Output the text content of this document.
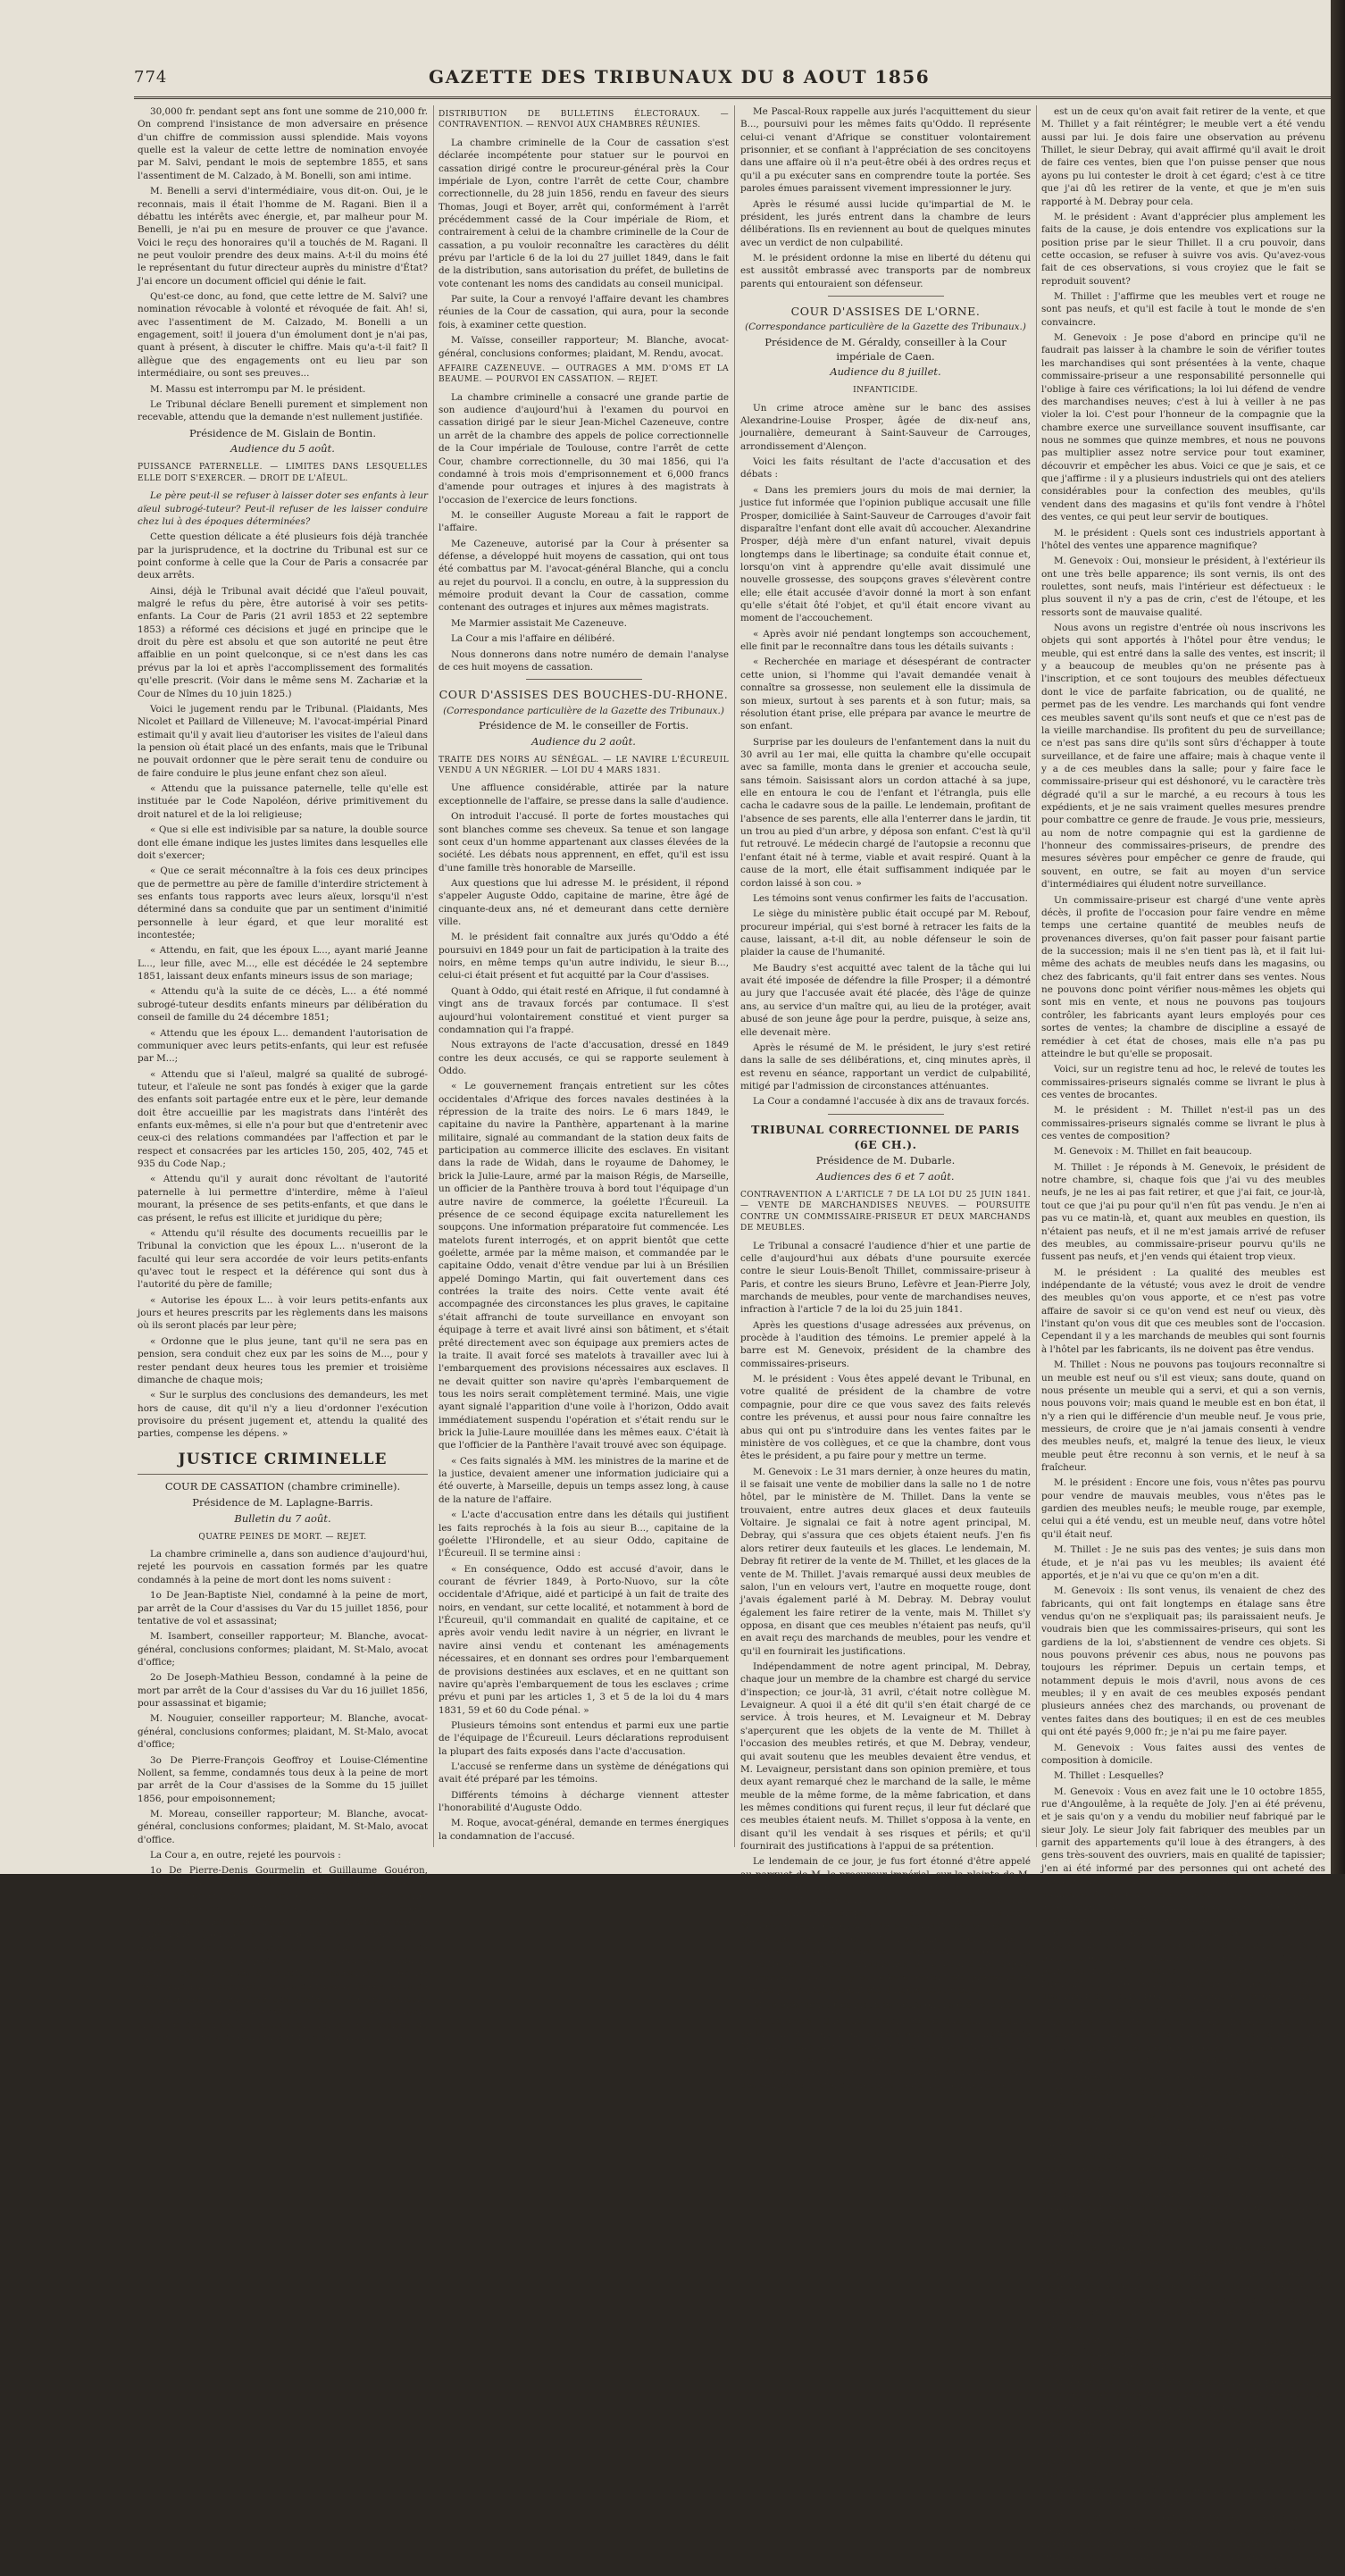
774	GAZETTE DES TRIBUNAUX DU 8 AOUT 1856

30,000 fr. pendant sept ans font une somme de 210,000 fr. On comprend l'insistance de mon adversaire en présence d'un chiffre de commission aussi splendide. Mais voyons quelle est la valeur de cette lettre de nomination envoyée par M. Salvi, pendant le mois de septembre 1855, et sans l'assentiment de M. Calzado, à M. Bonelli, son ami intime.

M. Benelli a servi d'intermédiaire, vous dit-on. Oui, je le reconnais, mais il était l'homme de M. Ragani. Bien il a débattu les intérêts avec énergie, et, par malheur pour M. Benelli, je n'ai pu en mesure de prouver ce que j'avance. Voici le reçu des honoraires qu'il a touchés de M. Ragani. Il ne peut vouloir prendre des deux mains. A-t-il du moins été le représentant du futur directeur auprès du ministre d'État? J'ai encore un document officiel qui dénie le fait.

Qu'est-ce donc, au fond, que cette lettre de M. Salvi? une nomination révocable à volonté et révoquée de fait. Ah! si, avec l'assentiment de M. Calzado, M. Bonelli a un engagement, soit! il jouera d'un émolument dont je n'ai pas, quant à présent, à discuter le chiffre. Mais qu'a-t-il fait? Il allègue que des engagements ont eu lieu par son intermédiaire, ou sont ses preuves...

M. Massu est interrompu par M. le président.

Le Tribunal déclare Benelli purement et simplement non recevable, attendu que la demande n'est nullement justifiée.

Présidence de M. Gislain de Bontin.
Audience du 5 août.

PUISSANCE PATERNELLE. — LIMITES DANS LESQUELLES ELLE DOIT S'EXERCER. — DROIT DE L'AÏEUL.

Le père peut-il se refuser à laisser doter ses enfants à leur aïeul subrogé-tuteur? Peut-il refuser de les laisser conduire chez lui à des époques déterminées?

Cette question délicate a été plusieurs fois déjà tranchée par la jurisprudence, et la doctrine du Tribunal est sur ce point conforme à celle que la Cour de Paris a consacrée par deux arrêts.

Ainsi, déjà le Tribunal avait décidé que l'aïeul pouvait, malgré le refus du père, être autorisé à voir ses petits-enfants. La Cour de Paris (21 avril 1853 et 22 septembre 1853) a réformé ces décisions et jugé en principe que le droit du père est absolu et que son autorité ne peut être affaiblie en un point quelconque, si ce n'est dans les cas prévus par la loi et après l'accomplissement des formalités qu'elle prescrit. (Voir dans le même sens M. Zachariæ et la Cour de Nîmes du 10 juin 1825.)

Voici le jugement rendu par le Tribunal. (Plaidants, Mes Nicolet et Paillard de Villeneuve; M. l'avocat-impérial Pinard estimait qu'il y avait lieu d'autoriser les visites de l'aïeul dans la pension où était placé un des enfants, mais que le Tribunal ne pouvait ordonner que le père serait tenu de conduire ou de faire conduire le plus jeune enfant chez son aïeul.

« Attendu que la puissance paternelle, telle qu'elle est instituée par le Code Napoléon, dérive primitivement du droit naturel et de la loi religieuse;

« Que si elle est indivisible par sa nature, la double source dont elle émane indique les justes limites dans lesquelles elle doit s'exercer;

« Que ce serait méconnaître à la fois ces deux principes que de permettre au père de famille d'interdire strictement à ses enfants tous rapports avec leurs aïeux, lorsqu'il n'est déterminé dans sa conduite que par un sentiment d'inimitié personnelle à leur égard, et que leur moralité est incontestée;

« Attendu, en fait, que les époux L..., ayant marié Jeanne L..., leur fille, avec M..., elle est décédée le 24 septembre 1851, laissant deux enfants mineurs issus de son mariage;

« Attendu qu'à la suite de ce décès, L... a été nommé subrogé-tuteur desdits enfants mineurs par délibération du conseil de famille du 24 décembre 1851;

« Attendu que les époux L... demandent l'autorisation de communiquer avec leurs petits-enfants, qui leur est refusée par M...;

« Attendu que si l'aïeul, malgré sa qualité de subrogé-tuteur, et l'aïeule ne sont pas fondés à exiger que la garde des enfants soit partagée entre eux et le père, leur demande doit être accueillie par les magistrats dans l'intérêt des enfants eux-mêmes, si elle n'a pour but que d'entretenir avec ceux-ci des relations commandées par l'affection et par le respect et consacrées par les articles 150, 205, 402, 745 et 935 du Code Nap.;

« Attendu qu'il y aurait donc révoltant de l'autorité paternelle à lui permettre d'interdire, même à l'aïeul mourant, la présence de ses petits-enfants, et que dans le cas présent, le refus est illicite et juridique du père;

« Attendu qu'il résulte des documents recueillis par le Tribunal la conviction que les époux L... n'useront de la faculté qui leur sera accordée de voir leurs petits-enfants qu'avec tout le respect et la déférence qui sont dus à l'autorité du père de famille;

« Autorise les époux L... à voir leurs petits-enfants aux jours et heures prescrits par les règlements dans les maisons où ils seront placés par leur père;

« Ordonne que le plus jeune, tant qu'il ne sera pas en pension, sera conduit chez eux par les soins de M..., pour y rester pendant deux heures tous les premier et troisième dimanche de chaque mois;

« Sur le surplus des conclusions des demandeurs, les met hors de cause, dit qu'il n'y a lieu d'ordonner l'exécution provisoire du présent jugement et, attendu la qualité des parties, compense les dépens. »

JUSTICE CRIMINELLE
COUR DE CASSATION (chambre criminelle).
Présidence de M. Laplagne-Barris.
Bulletin du 7 août.

QUATRE PEINES DE MORT. — REJET.

La chambre criminelle a, dans son audience d'aujourd'hui, rejeté les pourvois en cassation formés par les quatre condamnés à la peine de mort dont les noms suivent :

1o De Jean-Baptiste Niel, condamné à la peine de mort, par arrêt de la Cour d'assises du Var du 15 juillet 1856, pour tentative de vol et assassinat;

M. Isambert, conseiller rapporteur; M. Blanche, avocat-général, conclusions conformes; plaidant, M. St-Malo, avocat d'office;

2o De Joseph-Mathieu Besson, condamné à la peine de mort par arrêt de la Cour d'assises du Var du 16 juillet 1856, pour assassinat et bigamie;

M. Nouguier, conseiller rapporteur; M. Blanche, avocat-général, conclusions conformes; plaidant, M. St-Malo, avocat d'office;

3o De Pierre-François Geoffroy et Louise-Clémentine Nollent, sa femme, condamnés tous deux à la peine de mort par arrêt de la Cour d'assises de la Somme du 15 juillet 1856, pour empoisonnement;

M. Moreau, conseiller rapporteur; M. Blanche, avocat-général, conclusions conformes; plaidant, M. St-Malo, avocat d'office.

La Cour a, en outre, rejeté les pourvois :

1o De Pierre-Denis Gourmelin et Guillaume Gouéron, condamnés par la Cour d'assises du Finistère, aux travaux forcés à perpétuité, pour vol qualifié; — 2o De Marie-Catherine-Jeanne Jauffret (Vaucluse), travaux forcés, trahison de billets de banque; — 3o De Amable-Théophile Dubourgnet (Somme), six ans de réclusion, attentat à la pudeur; — 4o De François Guillard (Var), six ans de réclusion, attentat à la pudeur; — 5o De François Chabrier (Seine), travaux forcés à perpétuité, assassinat; — 6o De Ferdinand Pain (Somme), dix ans de travaux forcés, abus de confiance par un employé des postes; — 7o De François-Eyssel Hamon, contre un arrêt de la Cour impériale de Lyon, chambre des mises en accusation, renvoi aux assises du Rhône, pour abus de confiance et faux en écriture privée.

DISTRIBUTION DE BULLETINS ÉLECTORAUX. — CONTRAVENTION. — RENVOI AUX CHAMBRES RÉUNIES.

La chambre criminelle de la Cour de cassation s'est déclarée incompétente pour statuer sur le pourvoi en cassation dirigé contre le procureur-général près la Cour impériale de Lyon, contre l'arrêt de cette Cour, chambre correctionnelle, du 28 juin 1856, rendu en faveur des sieurs Thomas, Jougi et Boyer, arrêt qui, conformément à l'arrêt précédemment cassé de la Cour impériale de Riom, et contrairement à celui de la chambre criminelle de la Cour de cassation, a pu vouloir reconnaître les caractères du délit prévu par l'article 6 de la loi du 27 juillet 1849, dans le fait de la distribution, sans autorisation du préfet, de bulletins de vote contenant les noms des candidats au conseil municipal.

Par suite, la Cour a renvoyé l'affaire devant les chambres réunies de la Cour de cassation, qui aura, pour la seconde fois, à examiner cette question.

M. Vaïsse, conseiller rapporteur; M. Blanche, avocat-général, conclusions conformes; plaidant, M. Rendu, avocat.

AFFAIRE CAZENEUVE. — OUTRAGES A MM. D'OMS ET LA BEAUME. — POURVOI EN CASSATION. — REJET.

La chambre criminelle a consacré une grande partie de son audience d'aujourd'hui à l'examen du pourvoi en cassation dirigé par le sieur Jean-Michel Cazeneuve, contre un arrêt de la chambre des appels de police correctionnelle de la Cour impériale de Toulouse, contre l'arrêt de cette Cour, chambre correctionnelle, du 30 mai 1856, qui l'a condamné à trois mois d'emprisonnement et 6,000 francs d'amende pour outrages et injures à des magistrats à l'occasion de l'exercice de leurs fonctions.

M. le conseiller Auguste Moreau a fait le rapport de l'affaire.

Me Cazeneuve, autorisé par la Cour à présenter sa défense, a développé huit moyens de cassation, qui ont tous été combattus par M. l'avocat-général Blanche, qui a conclu au rejet du pourvoi. Il a conclu, en outre, à la suppression du mémoire produit devant la Cour de cassation, comme contenant des outrages et injures aux mêmes magistrats.

Me Marmier assistait Me Cazeneuve.

La Cour a mis l'affaire en délibéré.

Nous donnerons dans notre numéro de demain l'analyse de ces huit moyens de cassation.

COUR D'ASSISES DES BOUCHES-DU-RHONE.
(Correspondance particulière de la Gazette des Tribunaux.)
Présidence de M. le conseiller de Fortis.
Audience du 2 août.

TRAITE DES NOIRS AU SÉNÉGAL. — LE NAVIRE L'ÉCUREUIL VENDU A UN NÉGRIER. — LOI DU 4 MARS 1831.

Une affluence considérable, attirée par la nature exceptionnelle de l'affaire, se presse dans la salle d'audience.

On introduit l'accusé. Il porte de fortes moustaches qui sont blanches comme ses cheveux. Sa tenue et son langage sont ceux d'un homme appartenant aux classes élevées de la société. Les débats nous apprennent, en effet, qu'il est issu d'une famille très honorable de Marseille.

Aux questions que lui adresse M. le président, il répond s'appeler Auguste Oddo, capitaine de marine, être âgé de cinquante-deux ans, né et demeurant dans cette dernière ville.

M. le président fait connaître aux jurés qu'Oddo a été poursuivi en 1849 pour un fait de participation à la traite des noirs, en même temps qu'un autre individu, le sieur B..., celui-ci était présent et fut acquitté par la Cour d'assises.

Quant à Oddo, qui était resté en Afrique, il fut condamné à vingt ans de travaux forcés par contumace. Il s'est aujourd'hui volontairement constitué et vient purger sa condamnation qui l'a frappé.

Nous extrayons de l'acte d'accusation, dressé en 1849 contre les deux accusés, ce qui se rapporte seulement à Oddo.

« Le gouvernement français entretient sur les côtes occidentales d'Afrique des forces navales destinées à la répression de la traite des noirs. Le 6 mars 1849, le capitaine du navire la Panthère, appartenant à la marine militaire, signalé au commandant de la station deux faits de participation au commerce illicite des esclaves. En visitant dans la rade de Widah, dans le royaume de Dahomey, le brick la Julie-Laure, armé par la maison Régis, de Marseille, un officier de la Panthère trouva à bord tout l'équipage d'un autre navire de commerce, la goélette l'Écureuil. La présence de ce second équipage excita naturellement les soupçons. Une information préparatoire fut commencée. Les matelots furent interrogés, et on apprit bientôt que cette goélette, armée par la même maison, et commandée par le capitaine Oddo, venait d'être vendue par lui à un Brésilien appelé Domingo Martin, qui fait ouvertement dans ces contrées la traite des noirs. Cette vente avait été accompagnée des circonstances les plus graves, le capitaine s'était affranchi de toute surveillance en envoyant son équipage à terre et avait livré ainsi son bâtiment, et s'était prêté directement avec son équipage aux premiers actes de la traite. Il avait forcé ses matelots à travailler avec lui à l'embarquement des provisions nécessaires aux esclaves. Il ne devait quitter son navire qu'après l'embarquement de tous les noirs serait complètement terminé. Mais, une vigie ayant signalé l'apparition d'une voile à l'horizon, Oddo avait immédiatement suspendu l'opération et s'était rendu sur le brick la Julie-Laure mouillée dans les mêmes eaux. C'était là que l'officier de la Panthère l'avait trouvé avec son équipage.

« Ces faits signalés à MM. les ministres de la marine et de la justice, devaient amener une information judiciaire qui a été ouverte, à Marseille, depuis un temps assez long, à cause de la nature de l'affaire.

« L'acte d'accusation entre dans les détails qui justifient les faits reprochés à la fois au sieur B..., capitaine de la goélette l'Hirondelle, et au sieur Oddo, capitaine de l'Écureuil. Il se termine ainsi :

« En conséquence, Oddo est accusé d'avoir, dans le courant de février 1849, à Porto-Nuovo, sur la côte occidentale d'Afrique, aidé et participé à un fait de traite des noirs, en vendant, sur cette localité, et notamment à bord de l'Écureuil, qu'il commandait en qualité de capitaine, et ce après avoir vendu ledit navire à un négrier, en livrant le navire ainsi vendu et contenant les aménagements nécessaires, et en donnant ses ordres pour l'embarquement de provisions destinées aux esclaves, et en ne quittant son navire qu'après l'embarquement de tous les esclaves ; crime prévu et puni par les articles 1, 3 et 5 de la loi du 4 mars 1831, 59 et 60 du Code pénal. »

Plusieurs témoins sont entendus et parmi eux une partie de l'équipage de l'Écureuil. Leurs déclarations reproduisent la plupart des faits exposés dans l'acte d'accusation.

L'accusé se renferme dans un système de dénégations qui avait été préparé par les témoins.

Différents témoins à décharge viennent attester l'honorabilité d'Auguste Oddo.

M. Roque, avocat-général, demande en termes énergiques la condamnation de l'accusé.

Me Pascal-Roux rappelle aux jurés l'acquittement du sieur B..., poursuivi pour les mêmes faits qu'Oddo. Il représente celui-ci venant d'Afrique se constituer volontairement prisonnier, et se confiant à l'appréciation de ses concitoyens dans une affaire où il n'a peut-être obéi à des ordres reçus et qu'il a pu exécuter sans en comprendre toute la portée. Ses paroles émues paraissent vivement impressionner le jury.

Après le résumé aussi lucide qu'impartial de M. le président, les jurés entrent dans la chambre de leurs délibérations. Ils en reviennent au bout de quelques minutes avec un verdict de non culpabilité.

M. le président ordonne la mise en liberté du détenu qui est aussitôt embrassé avec transports par de nombreux parents qui entouraient son défenseur.

COUR D'ASSISES DE L'ORNE.
(Correspondance particulière de la Gazette des Tribunaux.)
Présidence de M. Géraldy, conseiller à la Cour impériale de Caen.
Audience du 8 juillet.

INFANTICIDE.

Un crime atroce amène sur le banc des assises Alexandrine-Louise Prosper, âgée de dix-neuf ans, journalière, demeurant à Saint-Sauveur de Carrouges, arrondissement d'Alençon.

Voici les faits résultant de l'acte d'accusation et des débats :

« Dans les premiers jours du mois de mai dernier, la justice fut informée que l'opinion publique accusait une fille Prosper, domiciliée à Saint-Sauveur de Carrouges d'avoir fait disparaître l'enfant dont elle avait dû accoucher. Alexandrine Prosper, déjà mère d'un enfant naturel, vivait depuis longtemps dans le libertinage; sa conduite était connue et, lorsqu'on vint à apprendre qu'elle avait dissimulé une nouvelle grossesse, des soupçons graves s'élevèrent contre elle; elle était accusée d'avoir donné la mort à son enfant qu'elle s'était ôté l'objet, et qu'il était encore vivant au moment de l'accouchement.

« Après avoir nié pendant longtemps son accouchement, elle finit par le reconnaître dans tous les détails suivants :

« Recherchée en mariage et désespérant de contracter cette union, si l'homme qui l'avait demandée venait à connaître sa grossesse, non seulement elle la dissimula de son mieux, surtout à ses parents et à son futur; mais, sa résolution étant prise, elle prépara par avance le meurtre de son enfant.

Surprise par les douleurs de l'enfantement dans la nuit du 30 avril au 1er mai, elle quitta la chambre qu'elle occupait avec sa famille, monta dans le grenier et accoucha seule, sans témoin. Saisissant alors un cordon attaché à sa jupe, elle en entoura le cou de l'enfant et l'étrangla, puis elle cacha le cadavre sous de la paille. Le lendemain, profitant de l'absence de ses parents, elle alla l'enterrer dans le jardin, tit un trou au pied d'un arbre, y déposa son enfant. C'est là qu'il fut retrouvé. Le médecin chargé de l'autopsie a reconnu que l'enfant était né à terme, viable et avait respiré. Quant à la cause de la mort, elle était suffisamment indiquée par le cordon laissé à son cou. »

Les témoins sont venus confirmer les faits de l'accusation.

Le siège du ministère public était occupé par M. Rebouf, procureur impérial, qui s'est borné à retracer les faits de la cause, laissant, a-t-il dit, au noble défenseur le soin de plaider la cause de l'humanité.

Me Baudry s'est acquitté avec talent de la tâche qui lui avait été imposée de défendre la fille Prosper; il a démontré au jury que l'accusée avait été placée, dès l'âge de quinze ans, au service d'un maître qui, au lieu de la protéger, avait abusé de son jeune âge pour la perdre, puisque, à seize ans, elle devenait mère.

Après le résumé de M. le président, le jury s'est retiré dans la salle de ses délibérations, et, cinq minutes après, il est revenu en séance, rapportant un verdict de culpabilité, mitigé par l'admission de circonstances atténuantes.

La Cour a condamné l'accusée à dix ans de travaux forcés.

TRIBUNAL CORRECTIONNEL DE PARIS (6E CH.).
Présidence de M. Dubarle.
Audiences des 6 et 7 août.

CONTRAVENTION A L'ARTICLE 7 DE LA LOI DU 25 JUIN 1841. — VENTE DE MARCHANDISES NEUVES. — POURSUITE CONTRE UN COMMISSAIRE-PRISEUR ET DEUX MARCHANDS DE MEUBLES.

Le Tribunal a consacré l'audience d'hier et une partie de celle d'aujourd'hui aux débats d'une poursuite exercée contre le sieur Louis-Benoît Thillet, commissaire-priseur à Paris, et contre les sieurs Bruno, Lefèvre et Jean-Pierre Joly, marchands de meubles, pour vente de marchandises neuves, infraction à l'article 7 de la loi du 25 juin 1841.

Après les questions d'usage adressées aux prévenus, on procède à l'audition des témoins. Le premier appelé à la barre est M. Genevoix, président de la chambre des commissaires-priseurs.

M. le président : Vous êtes appelé devant le Tribunal, en votre qualité de président de la chambre de votre compagnie, pour dire ce que vous savez des faits relevés contre les prévenus, et aussi pour nous faire connaître les abus qui ont pu s'introduire dans les ventes faites par le ministère de vos collègues, et ce que la chambre, dont vous êtes le président, a pu faire pour y mettre un terme.

M. Genevoix : Le 31 mars dernier, à onze heures du matin, il se faisait une vente de mobilier dans la salle no 1 de notre hôtel, par le ministère de M. Thillet. Dans la vente se trouvaient, entre autres deux glaces et deux fauteuils Voltaire. Je signalai ce fait à notre agent principal, M. Debray, qui s'assura que ces objets étaient neufs. J'en fis alors retirer deux fauteuils et les glaces. Le lendemain, M. Debray fit retirer de la vente de M. Thillet, et les glaces de la vente de M. Thillet. J'avais remarqué aussi deux meubles de salon, l'un en velours vert, l'autre en moquette rouge, dont j'avais également parlé à M. Debray. M. Debray voulut également les faire retirer de la vente, mais M. Thillet s'y opposa, en disant que ces meubles n'étaient pas neufs, qu'il en avait reçu des marchands de meubles, pour les vendre et qu'il en fournirait les justifications.

Indépendamment de notre agent principal, M. Debray, chaque jour un membre de la chambre est chargé du service d'inspection; ce jour-là, 31 avril, c'était notre collègue M. Levaigneur. A quoi il a été dit qu'il s'en était chargé de ce service. À trois heures, et M. Levaigneur et M. Debray s'aperçurent que les objets de la vente de M. Thillet à l'occasion des meubles retirés, et que M. Debray, vendeur, qui avait soutenu que les meubles devaient être vendus, et M. Levaigneur, persistant dans son opinion première, et tous deux ayant remarqué chez le marchand de la salle, le même meuble de la même forme, de la même fabrication, et dans les mêmes conditions qui furent reçus, il leur fut déclaré que ces meubles étaient neufs. M. Thillet s'opposa à la vente, en disant qu'il les vendait à ses risques et périls; et qu'il fournirait des justifications à l'appui de sa prétention.

Le lendemain de ce jour, je fus fort étonné d'être appelé au parquet de M. le procureur impérial, sur la plainte de M. Thillet, et d'y apprendre que j'avais été dénoncé par lui comme ayant apposé à l'introduction de meubles neufs dans la vente. En même temps, M. Thillet avait fait sommation à M. Debray, qui, en qualité de surveillant des ventes, a la garde des magasins, et à M. Levaigneur, membre de la chambre chargé du service d'inspection, d'avoir à lui remettre les meubles emmagasinés, et j'ai appris que, depuis ce moment, Bruno, Joly et Lefèvre avaient été prévenus, et que les poursuites avaient été dirigées contre eux.

M. le président : Ces meubles neufs ont-ils été vendus?

M. Genevoix : Quelques-uns ont été vendus, sur la plainte de M. Thillet, et qui n'ont pas été vendus par le ministère de M. Thillet, dans une autre vente faite par une autre personne que dans une autre Robert; il s'agit du prévenu Joly, marchand de meubles; et l'on ne voulait pas en faire la vente des ventes de l'hôtel de meubles neufs. Le meuble rouge

est un de ceux qu'on avait fait retirer de la vente, et que M. Thillet y a fait réintégrer; le meuble vert a été vendu aussi par lui. Je dois faire une observation au prévenu Thillet, le sieur Debray, qui avait affirmé qu'il avait le droit de faire ces ventes, bien que l'on puisse penser que nous ayons pu lui contester le droit à cet égard; c'est à ce titre que j'ai dû les retirer de la vente, et que je m'en suis rapporté à M. Debray pour cela.

M. le président : Avant d'apprécier plus amplement les faits de la cause, je dois entendre vos explications sur la position prise par le sieur Thillet. Il a cru pouvoir, dans cette occasion, se refuser à suivre vos avis. Qu'avez-vous fait de ces observations, si vous croyiez que le fait se reproduit souvent?

M. Thillet : J'affirme que les meubles vert et rouge ne sont pas neufs, et qu'il est facile à tout le monde de s'en convaincre.

M. Genevoix : Je pose d'abord en principe qu'il ne faudrait pas laisser à la chambre le soin de vérifier toutes les marchandises qui sont présentées à la vente, chaque commissaire-priseur a une responsabilité personnelle qui l'oblige à faire ces vérifications; la loi lui défend de vendre des marchandises neuves; c'est à lui à veiller à ne pas violer la loi. C'est pour l'honneur de la compagnie que la chambre exerce une surveillance souvent insuffisante, car nous ne sommes que quinze membres, et nous ne pouvons pas multiplier assez notre service pour tout examiner, découvrir et empêcher les abus. Voici ce que je sais, et ce que j'affirme : il y a plusieurs industriels qui ont des ateliers considérables pour la confection des meubles, qu'ils vendent dans des magasins et qu'ils font vendre à l'hôtel des ventes, ce qui peut leur servir de boutiques.

M. le président : Quels sont ces industriels apportant à l'hôtel des ventes une apparence magnifique?

M. Genevoix : Oui, monsieur le président, à l'extérieur ils ont une très belle apparence; ils sont vernis, ils ont des roulettes, sont neufs, mais l'intérieur est défectueux : le plus souvent il n'y a pas de crin, c'est de l'étoupe, et les ressorts sont de mauvaise qualité.

Nous avons un registre d'entrée où nous inscrivons les objets qui sont apportés à l'hôtel pour être vendus; le meuble, qui est entré dans la salle des ventes, est inscrit; il y a beaucoup de meubles qu'on ne présente pas à l'inscription, et ce sont toujours des meubles défectueux dont le vice de parfaite fabrication, ou de qualité, ne permet pas de les vendre. Les marchands qui font vendre ces meubles savent qu'ils sont neufs et que ce n'est pas de la vieille marchandise. Ils profitent du peu de surveillance; ce n'est pas sans dire qu'ils sont sûrs d'échapper à toute surveillance, et de faire une affaire; mais à chaque vente il y a de ces meubles dans la salle; pour y faire face le commissaire-priseur qui est déshonoré, vu le caractère très dégradé qu'il a sur le marché, a eu recours à tous les expédients, et je ne sais vraiment quelles mesures prendre pour combattre ce genre de fraude. Je vous prie, messieurs, au nom de notre compagnie qui est la gardienne de l'honneur des commissaires-priseurs, de prendre des mesures sévères pour empêcher ce genre de fraude, qui souvent, en outre, se fait au moyen d'un service d'intermédiaires qui éludent notre surveillance.

Un commissaire-priseur est chargé d'une vente après décès, il profite de l'occasion pour faire vendre en même temps une certaine quantité de meubles neufs de provenances diverses, qu'on fait passer pour faisant partie de la succession; mais il ne s'en tient pas là, et il fait lui-même des achats de meubles neufs dans les magasins, ou chez des fabricants, qu'il fait entrer dans ses ventes. Nous ne pouvons donc point vérifier nous-mêmes les objets qui sont mis en vente, et nous ne pouvons pas toujours contrôler, les fabricants ayant leurs employés pour ces sortes de ventes; la chambre de discipline a essayé de remédier à cet état de choses, mais elle n'a pas pu atteindre le but qu'elle se proposait.

Voici, sur un registre tenu ad hoc, le relevé de toutes les commissaires-priseurs signalés comme se livrant le plus à ces ventes de brocantes.

M. le président : M. Thillet n'est-il pas un des commissaires-priseurs signalés comme se livrant le plus à ces ventes de composition?

M. Genevoix : M. Thillet en fait beaucoup.

M. Thillet : Je réponds à M. Genevoix, le président de notre chambre, si, chaque fois que j'ai vu des meubles neufs, je ne les ai pas fait retirer, et que j'ai fait, ce jour-là, tout ce que j'ai pu pour qu'il n'en fût pas vendu. Je n'en ai pas vu ce matin-là, et, quant aux meubles en question, ils n'étaient pas neufs, et il ne m'est jamais arrivé de refuser des meubles, au commissaire-priseur pourvu qu'ils ne fussent pas neufs, et j'en vends qui étaient trop vieux.

M. le président : La qualité des meubles est indépendante de la vétusté; vous avez le droit de vendre des meubles qu'on vous apporte, et ce n'est pas votre affaire de savoir si ce qu'on vend est neuf ou vieux, dès l'instant qu'on vous dit que ces meubles sont de l'occasion. Cependant il y a les marchands de meubles qui sont fournis à l'hôtel par les fabricants, ils ne doivent pas être vendus.

M. Thillet : Nous ne pouvons pas toujours reconnaître si un meuble est neuf ou s'il est vieux; sans doute, quand on nous présente un meuble qui a servi, et qui a son vernis, nous pouvons voir; mais quand le meuble est en bon état, il n'y a rien qui le différencie d'un meuble neuf. Je vous prie, messieurs, de croire que je n'ai jamais consenti à vendre des meubles neufs, et, malgré la tenue des lieux, le vieux meuble peut être reconnu à son vernis, et le neuf à sa fraîcheur.

M. le président : Encore une fois, vous n'êtes pas pourvu pour vendre de mauvais meubles, vous n'êtes pas le gardien des meubles neufs; le meuble rouge, par exemple, celui qui a été vendu, est un meuble neuf, dans votre hôtel qu'il était neuf.

M. Thillet : Je ne suis pas des ventes; je suis dans mon étude, et je n'ai pas vu les meubles; ils avaient été apportés, et je n'ai vu que ce qu'on m'en a dit.

M. Genevoix : Ils sont venus, ils venaient de chez des fabricants, qui ont fait longtemps en étalage sans être vendus qu'on ne s'expliquait pas; ils paraissaient neufs. Je voudrais bien que les commissaires-priseurs, qui sont les gardiens de la loi, s'abstiennent de vendre ces objets. Si nous pouvons prévenir ces abus, nous ne pouvons pas toujours les réprimer. Depuis un certain temps, et notamment depuis le mois d'avril, nous avons de ces meubles; il y en avait de ces meubles exposés pendant plusieurs années chez des marchands, ou provenant de ventes faites dans des boutiques; il en est de ces meubles qui ont été payés 9,000 fr.; je n'ai pu me faire payer.

M. Genevoix : Vous faites aussi des ventes de composition à domicile.

M. Thillet : Lesquelles?

M. Genevoix : Vous en avez fait une le 10 octobre 1855, rue d'Angoulême, à la requête de Joly. J'en ai été prévenu, et je sais qu'on y a vendu du mobilier neuf fabriqué par le sieur Joly. Le sieur Joly fait fabriquer des meubles par un garnit des appartements qu'il loue à des étrangers, à des gens très-souvent des ouvriers, mais en qualité de tapissier; j'en ai été informé par des personnes qui ont acheté des meubles très-courants, mais, à la quinzaine, peut-être à la quinzaine. Ainsi, dans l'espèce, le sieur Joly avait meublé un appartement à une famille espagnole; cette famille espagnole partit après quelques mois, et Joly fit annoncer une vente après décès, et profitant de l'occasion, il fit vendre une quantité considérable de meubles neufs; le public, croyant avoir affaire à une vente après décès, se porte en foule à la vente, et en achète; puis Joly, le fabricant, ou plutôt les marchands de meubles qui achètent des meubles neufs pour les revendre, vendent ainsi à l'encan leurs meubles, et ils vendent l'un et l'autre; il y a ainsi, dans les ventes à domicile, des fraudes plus graves encore que dans les ventes à l'hôtel des ventes; le public qui croit acheter des meubles d'occasion, achète en réalité des meubles neufs de fabrication défectueuse.

M. le président : Ainsi la vente est indéfinie?

M. Genevoix : Elle pourrait l'être; celle-là a duré deux jours. M. Thillet y a pris plusieurs fois le marteau. Je n'ai rien vu de plus inouï. M. le président, je dois vous signaler ce fait, c'est que l'on fait faire des ventes, et qu'on n'est pas sûr d'avoir le contrôle des commissaires-priseurs; tous les jours, il y a des marchands qui font vendre à l'encan leurs marchandises, et la surveillance de nos ventes ne peut pas tout prévenir; les fabricants, qui sont autant d'intermédiaires, obtiennent l'annonce d'un décès, que quinze membres de la chambre, et que plus de la moitié de l'hôtel des ventes soit par leur dangereuse et proportions d'une grande administration.

M. Thillet : Nous n'en voulions pas. Nous reconnaissions tous cela; nous le disons tous : ce sont les règlements de l'ordre, et nous ne voulons pas la ruine de tous les règlements; les demandes des ventes à domicile comme des ventes de l'hôtel; nous nous bornons à ne pas les faire expulser; et un jour on nous accuse de fraude, et celui-ci cela vrai.

M. Thillet : J'affirme que rue d'Angoulême, pas plus que rue des Écuries d'Artois, où j'ai fait une autre vente, il n'y avait pas de meubles neufs.

M. Genevoix : Voici un état dressé à l'hôtel pour jour 11 octobre, 1855, soixante-cinq meubles qui ont été inscrits, portant le nombre des meubles vendus de 18 à 1855, et aussi 185 pour l'année, soit 185 ventes; les meubles ont été vendus pour 2,000 fr.

M. Thillet : J'affirme le contraire; je ne vois pas de meubles neufs; je vends des meubles que je ne reconnais pas neufs, et ne les vendrai pas.

M. le président : Que savez-vous relativement à la vente faite dans votre propre appartement, rue Laffitte?

M. Thillet : J'ai loué cet appartement, meublé par M. Taillez, qui m'en a fait la vente. Je l'ai chargé de vendre ces meubles qui étaient neufs; ils ont été apportés à l'hôtel. Ils sont sûrs que M. Thillet n'avait pas de meubles neufs; mais il ne s'était pas purgé des meubles neufs qui ont été.
